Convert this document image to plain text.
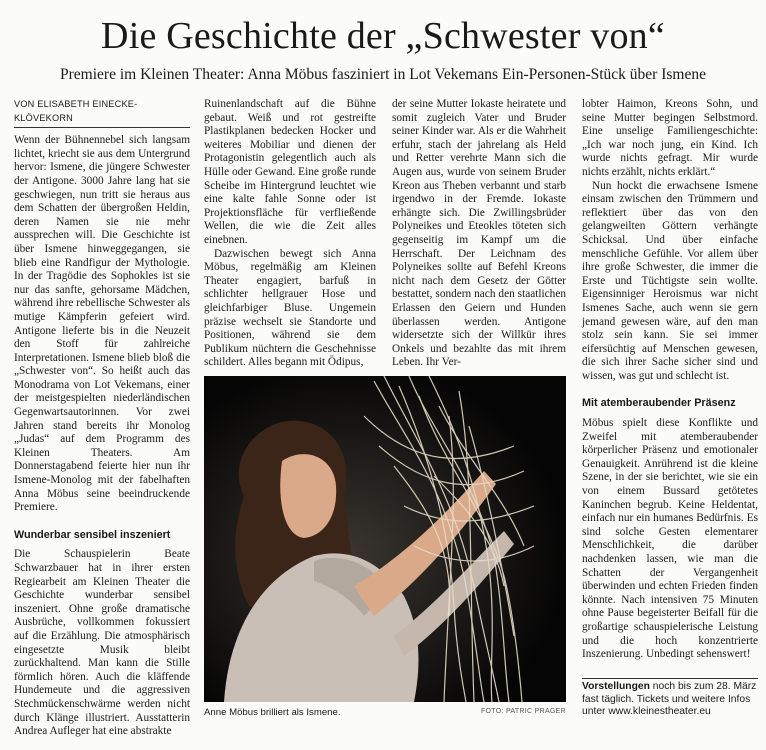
Die Geschichte der „Schwester von“
Premiere im Kleinen Theater: Anna Möbus fasziniert in Lot Vekemans Ein-Personen-Stück über Ismene
VON ELISABETH EINECKE-KLÖVEKORN

Wenn der Bühnennebel sich langsam lichtet, kriecht sie aus dem Untergrund hervor: Ismene, die jüngere Schwester der Antigone. 3000 Jahre lang hat sie geschwiegen, nun tritt sie heraus aus dem Schatten der übergroßen Heldin, deren Namen sie nie mehr aussprechen will. Die Geschichte ist über Ismene hinweggegangen, sie blieb eine Randfigur der Mythologie. In der Tragödie des Sophokles ist sie nur das sanfte, gehorsame Mädchen, während ihre rebellische Schwester als mutige Kämpferin gefeiert wird. Antigone lieferte bis in die Neuzeit den Stoff für zahlreiche Interpretationen. Ismene blieb bloß die „Schwester von“. So heißt auch das Monodrama von Lot Vekemans, einer der meistgespielten niederländischen Gegenwartsautorinnen. Vor zwei Jahren stand bereits ihr Monolog „Judas“ auf dem Programm des Kleinen Theaters. Am Donnerstagabend feierte hier nun ihr Ismene-Monolog mit der fabelhaften Anna Möbus seine beeindruckende Premiere.

Wunderbar sensibel inszeniert

Die Schauspielerin Beate Schwarzbauer hat in ihrer ersten Regiearbeit am Kleinen Theater die Geschichte wunderbar sensibel inszeniert. Ohne große dramatische Ausbrüche, vollkommen fokussiert auf die Erzählung. Die atmosphärisch eingesetzte Musik bleibt zurückhaltend. Man kann die Stille förmlich hören. Auch die kläffende Hundemeute und die aggressiven Stechmückenschwärme werden nicht durch Klänge illustriert. Ausstatterin Andrea Aufleger hat eine abstrakte

Ruinenlandschaft auf die Bühne gebaut. Weiß und rot gestreifte Plastikplanen bedecken Hocker und weiteres Mobiliar und dienen der Protagonistin gelegentlich auch als Hülle oder Gewand. Eine große runde Scheibe im Hintergrund leuchtet wie eine kalte fahle Sonne oder ist Projektionsfläche für verfließende Wellen, die wie die Zeit alles einebnen.

Dazwischen bewegt sich Anna Möbus, regelmäßig am Kleinen Theater engagiert, barfuß in schlichter hellgrauer Hose und gleichfarbiger Bluse. Ungemein präzise wechselt sie Standorte und Positionen, während sie dem Publikum nüchtern die Geschehnisse schildert. Alles begann mit Ödipus,

der seine Mutter Iokaste heiratete und somit zugleich Vater und Bruder seiner Kinder war. Als er die Wahrheit erfuhr, stach der jahrelang als Held und Retter verehrte Mann sich die Augen aus, wurde von seinem Bruder Kreon aus Theben verbannt und starb irgendwo in der Fremde. Iokaste erhängte sich. Die Zwillingsbrüder Polyneikes und Eteokles töteten sich gegenseitig im Kampf um die Herrschaft. Der Leichnam des Polyneikes sollte auf Befehl Kreons nicht nach dem Gesetz der Götter bestattet, sondern nach den staatlichen Erlassen den Geiern und Hunden überlassen werden. Antigone widersetzte sich der Willkür ihres Onkels und bezahlte das mit ihrem Leben. Ihr Ver-

lobter Haimon, Kreons Sohn, und seine Mutter begingen Selbstmord. Eine unselige Familiengeschichte: „Ich war noch jung, ein Kind. Ich wurde nichts gefragt. Mir wurde nichts erzählt, nichts erklärt.“

Nun hockt die erwachsene Ismene einsam zwischen den Trümmern und reflektiert über das von den gelangweilten Göttern verhängte Schicksal. Und über einfache menschliche Gefühle. Vor allem über ihre große Schwester, die immer die Erste und Tüchtigste sein wollte. Eigensinniger Heroismus war nicht Ismenes Sache, auch wenn sie gern jemand gewesen wäre, auf den man stolz sein kann. Sie sei immer eifersüchtig auf Menschen gewesen, die sich ihrer Sache sicher sind und wissen, was gut und schlecht ist.

Mit atemberaubender Präsenz

Möbus spielt diese Konflikte und Zweifel mit atemberaubender körperlicher Präsenz und emotionaler Genauigkeit. Anrührend ist die kleine Szene, in der sie berichtet, wie sie ein von einem Bussard getötetes Kaninchen begrub. Keine Heldentat, einfach nur ein humanes Bedürfnis. Es sind solche Gesten elementarer Menschlichkeit, die darüber nachdenken lassen, wie man die Schatten der Vergangenheit überwinden und echten Frieden finden könnte. Nach intensiven 75 Minuten ohne Pause begeisterter Beifall für die großartige schauspielerische Leistung und die hoch konzentrierte Inszenierung. Unbedingt sehenswert!

Vorstellungen noch bis zum 28. März fast täglich. Tickets und weitere Infos unter www.kleinestheater.eu
Anne Möbus brilliert als Ismene.	FOTO: PATRIC PRAGER
